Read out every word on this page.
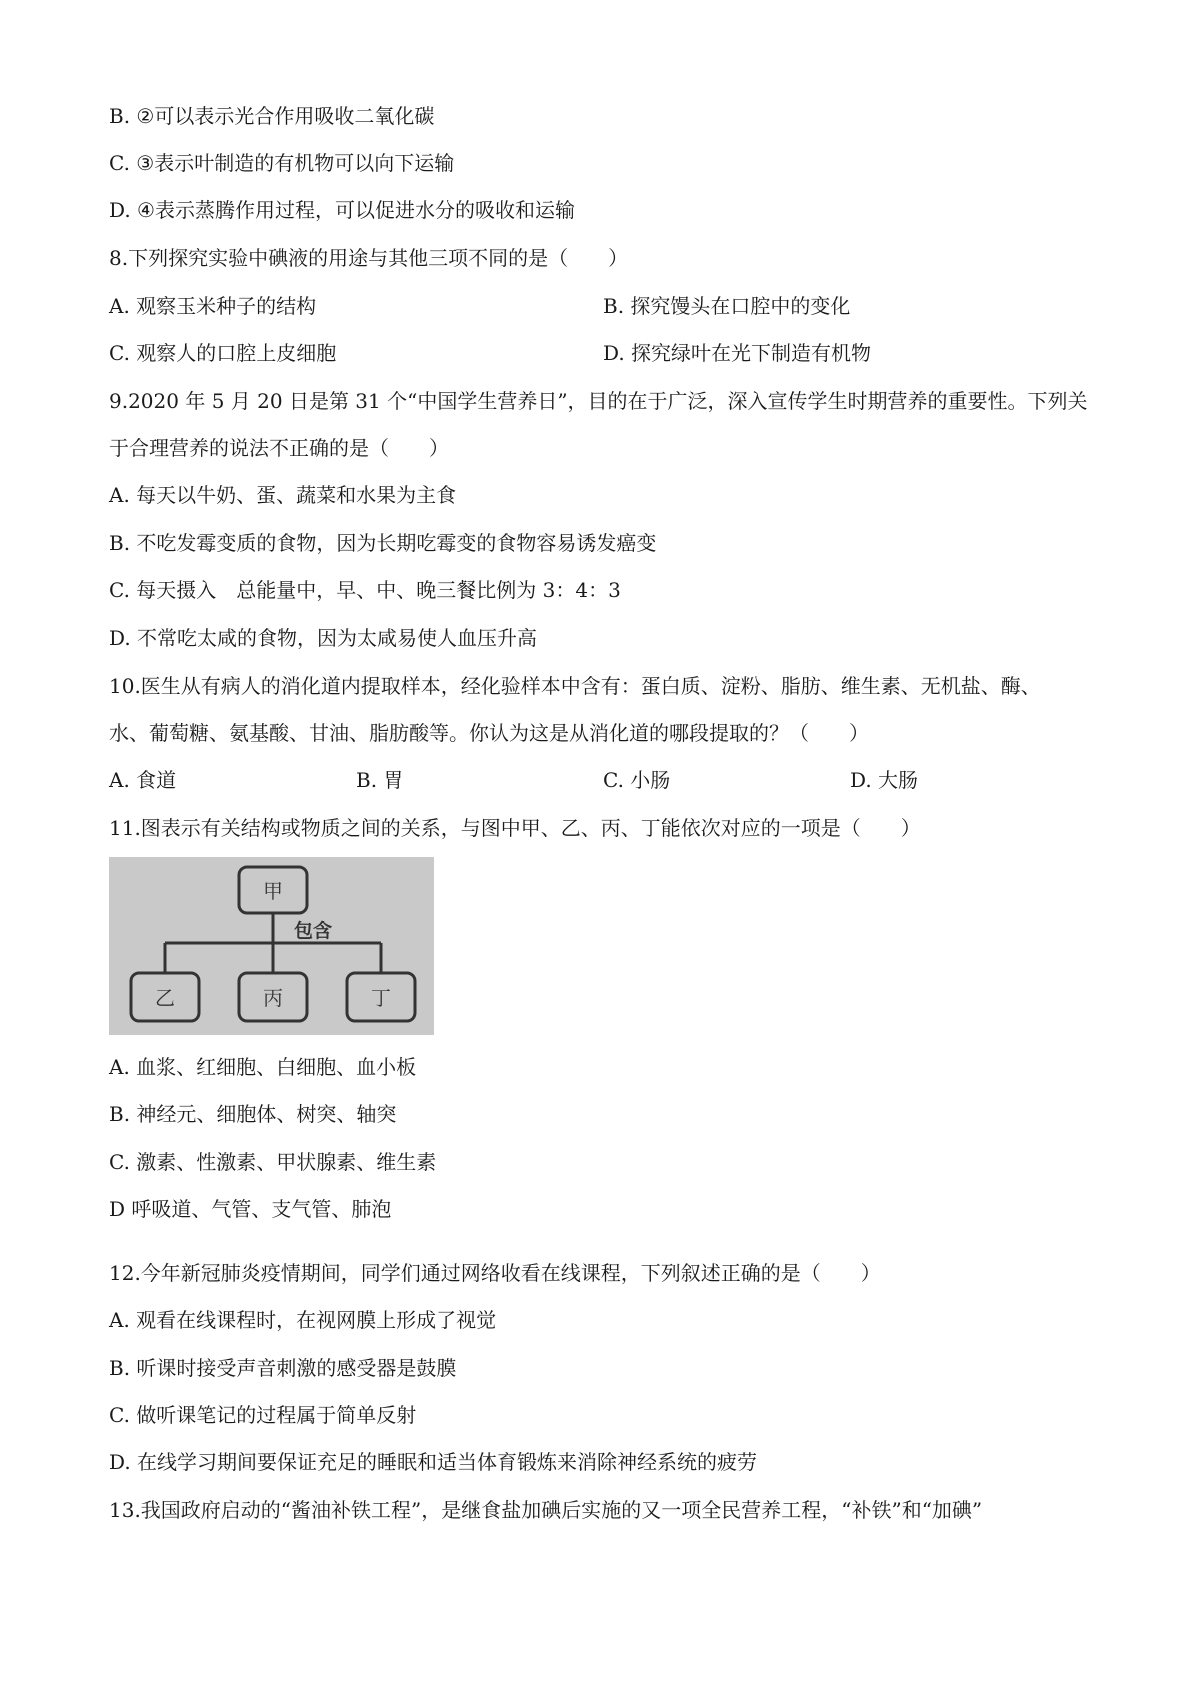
B. ②可以表示光合作用吸收二氧化碳
C. ③表示叶制造的有机物可以向下运输
D. ④表示蒸腾作用过程，可以促进水分的吸收和运输
8.下列探究实验中碘液的用途与其他三项不同的是（　　）
A. 观察玉米种子的结构	B. 探究馒头在口腔中的变化
C. 观察人的口腔上皮细胞	D. 探究绿叶在光下制造有机物
9.2020 年 5 月 20 日是第 31 个“中国学生营养日”，目的在于广泛，深入宣传学生时期营养的重要性。下列关
于合理营养的说法不正确的是（　　）
A. 每天以牛奶、蛋、蔬菜和水果为主食
B. 不吃发霉变质的食物，因为长期吃霉变的食物容易诱发癌变
C. 每天摄入　总能量中，早、中、晚三餐比例为 3：4：3
D. 不常吃太咸的食物，因为太咸易使人血压升高
10.医生从有病人的消化道内提取样本，经化验样本中含有：蛋白质、淀粉、脂肪、维生素、无机盐、酶、
水、葡萄糖、氨基酸、甘油、脂肪酸等。你认为这是从消化道的哪段提取的？（　　）
A. 食道	B. 胃	C. 小肠	D. 大肠
11.图表示有关结构或物质之间的关系，与图中甲、乙、丙、丁能依次对应的一项是（　　）
甲
包含
乙	丙	丁
A. 血浆、红细胞、白细胞、血小板
B. 神经元、细胞体、树突、轴突
C. 激素、性激素、甲状腺素、维生素
D 呼吸道、气管、支气管、肺泡
12.今年新冠肺炎疫情期间，同学们通过网络收看在线课程，下列叙述正确的是（　　）
A. 观看在线课程时，在视网膜上形成了视觉
B. 听课时接受声音刺激的感受器是鼓膜
C. 做听课笔记的过程属于简单反射
D. 在线学习期间要保证充足的睡眠和适当体育锻炼来消除神经系统的疲劳
13.我国政府启动的“酱油补铁工程”，是继食盐加碘后实施的又一项全民营养工程，“补铁”和“加碘”
